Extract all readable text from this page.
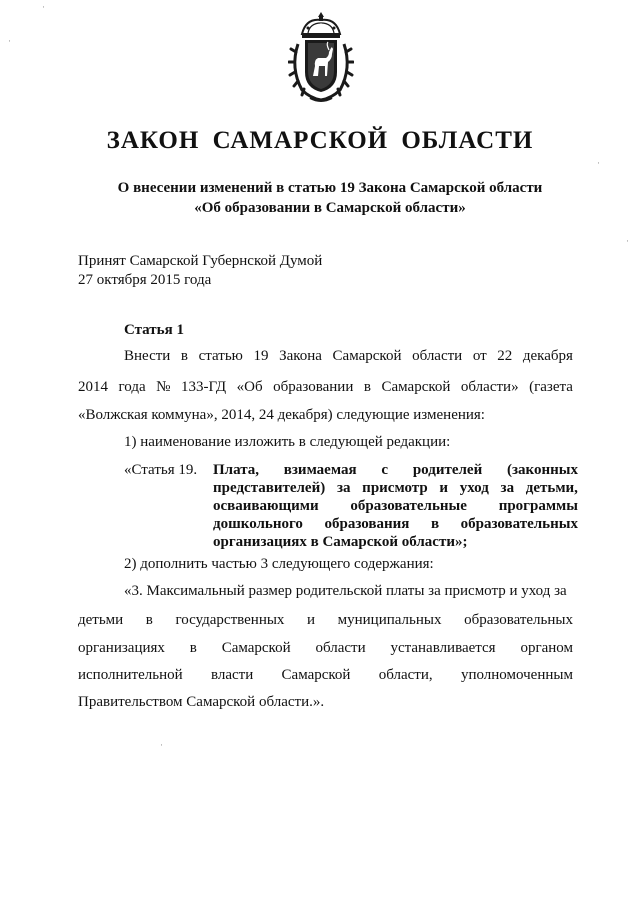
ЗАКОН САМАРСКОЙ ОБЛАСТИ
О внесении изменений в статью 19 Закона Самарской области
«Об образовании в Самарской области»
Принят Самарской Губернской Думой
27 октября 2015 года
Статья 1
Внести в статью 19 Закона Самарской области от 22 декабря
2014 года № 133-ГД «Об образовании в Самарской области» (газета
«Волжская коммуна», 2014, 24 декабря) следующие изменения:
1) наименование изложить в следующей редакции:
«Статья 19. Плата, взимаемая с родителей (законных
представителей) за присмотр и уход за детьми,
осваивающими образовательные программы
дошкольного образования в образовательных
организациях в Самарской области»;
2) дополнить частью 3 следующего содержания:
«3. Максимальный размер родительской платы за присмотр и уход за
детьми в государственных и муниципальных образовательных
организациях в Самарской области устанавливается органом
исполнительной власти Самарской области, уполномоченным
Правительством Самарской области.».
·
·
·
·
·
